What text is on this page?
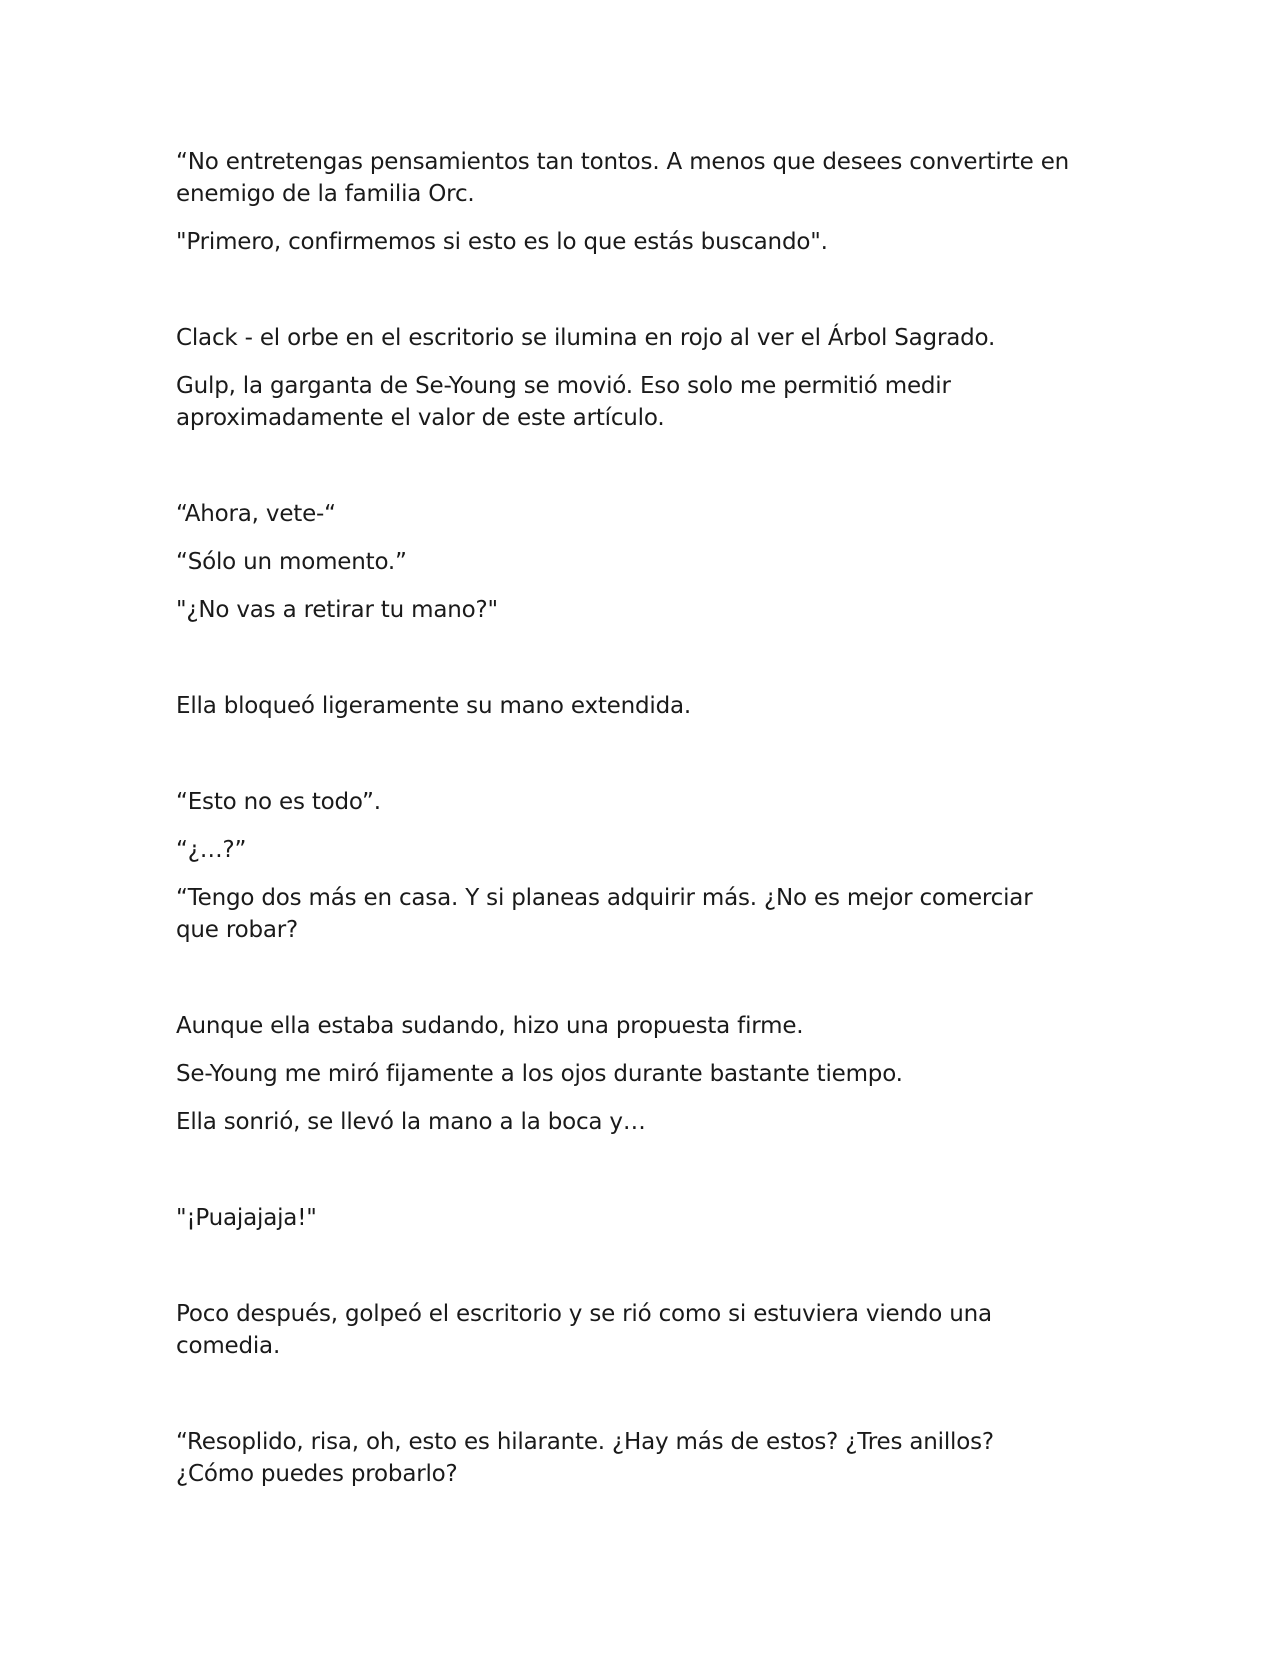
“No entretengas pensamientos tan tontos. A menos que desees convertirte en enemigo de la familia Orc.

"Primero, confirmemos si esto es lo que estás buscando".

Clack - el orbe en el escritorio se ilumina en rojo al ver el Árbol Sagrado.

Gulp, la garganta de Se-Young se movió. Eso solo me permitió medir aproximadamente el valor de este artículo.

“Ahora, vete-“

“Sólo un momento.”

"¿No vas a retirar tu mano?"

Ella bloqueó ligeramente su mano extendida.

“Esto no es todo”.

“¿…?”

“Tengo dos más en casa. Y si planeas adquirir más. ¿No es mejor comerciar que robar?

Aunque ella estaba sudando, hizo una propuesta firme.

Se-Young me miró fijamente a los ojos durante bastante tiempo.

Ella sonrió, se llevó la mano a la boca y…

"¡Puajajaja!"

Poco después, golpeó el escritorio y se rió como si estuviera viendo una comedia.

“Resoplido, risa, oh, esto es hilarante. ¿Hay más de estos? ¿Tres anillos? ¿Cómo puedes probarlo?
